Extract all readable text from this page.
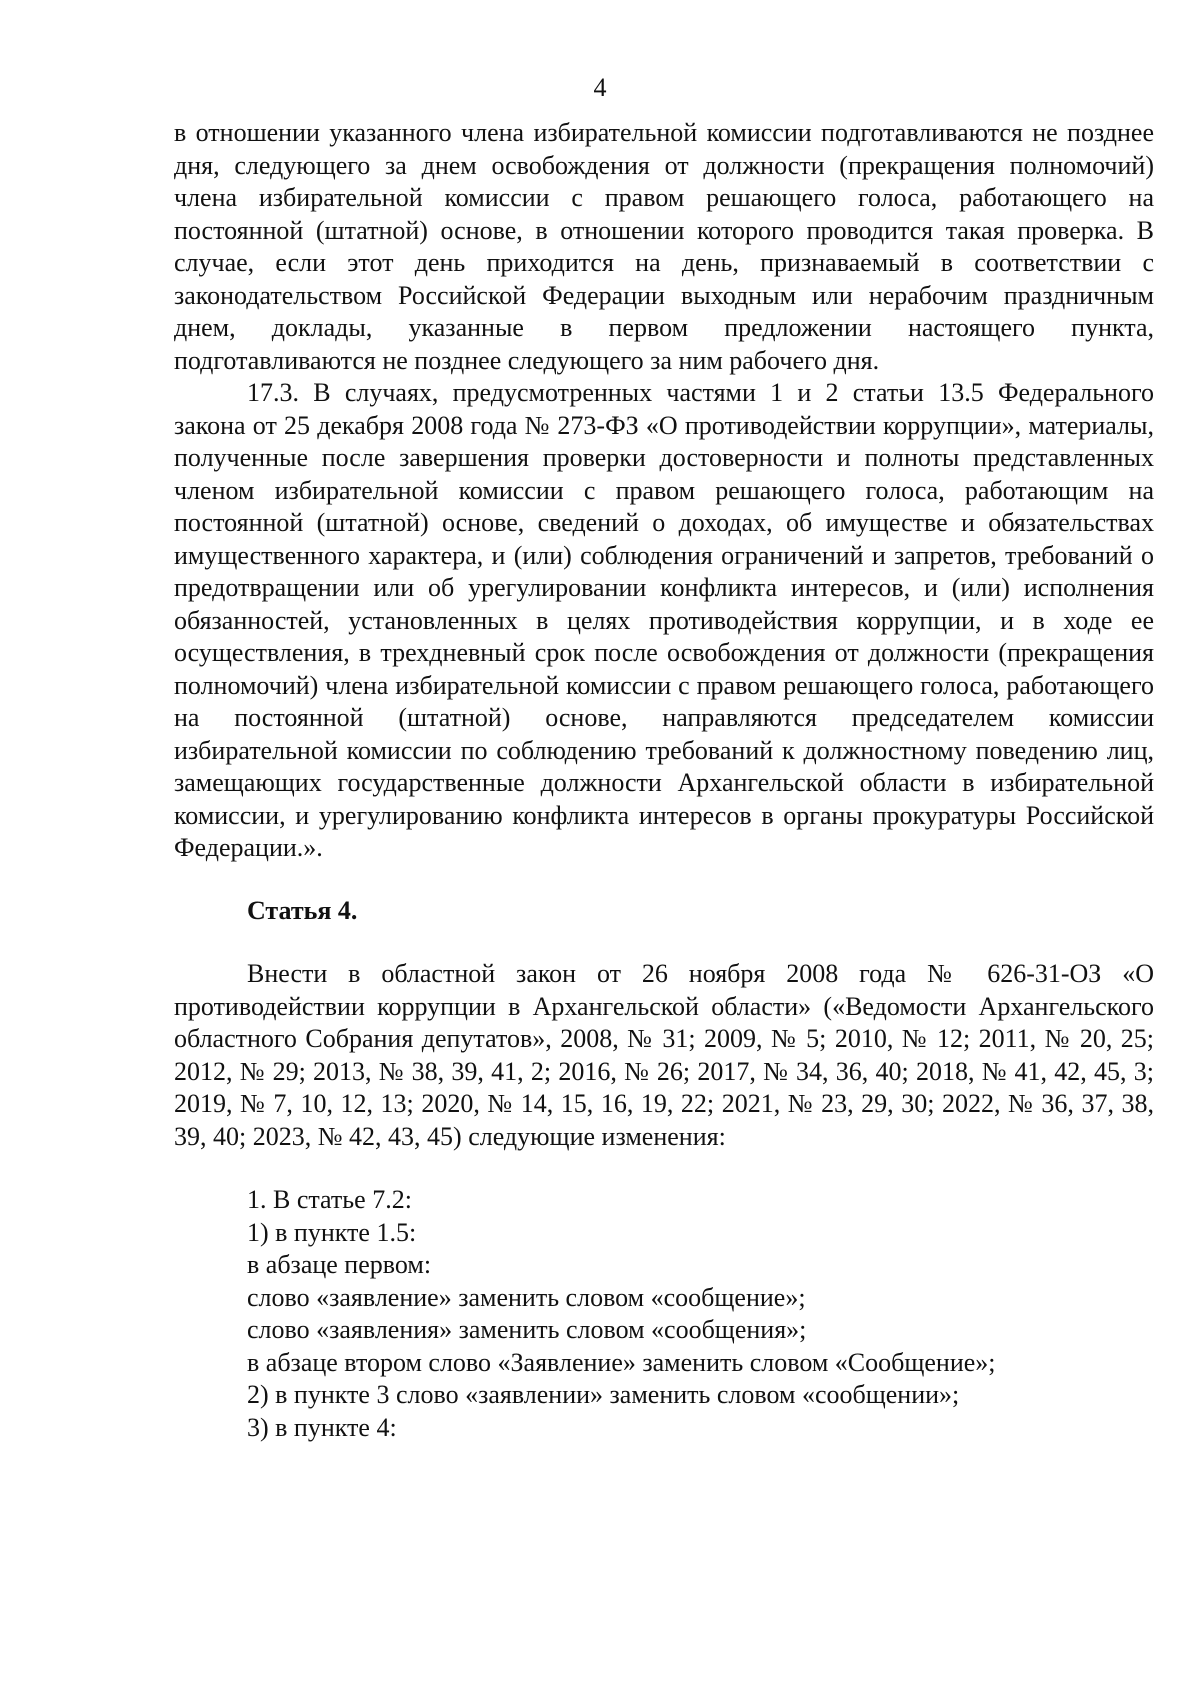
4

в отношении указанного члена избирательной комиссии подготавливаются не позднее дня, следующего за днем освобождения от должности (прекращения полномочий) члена избирательной комиссии с правом решающего голоса, работающего на постоянной (штатной) основе, в отношении которого проводится такая проверка. В случае, если этот день приходится на день, признаваемый в соответствии с законодательством Российской Федерации выходным или нерабочим праздничным днем, доклады, указанные в первом предложении настоящего пункта, подготавливаются не позднее следующего за ним рабочего дня.

17.3. В случаях, предусмотренных частями 1 и 2 статьи 13.5 Федерального закона от 25 декабря 2008 года № 273-ФЗ «О противодействии коррупции», материалы, полученные после завершения проверки достоверности и полноты представленных членом избирательной комиссии с правом решающего голоса, работающим на постоянной (штатной) основе, сведений о доходах, об имуществе и обязательствах имущественного характера, и (или) соблюдения ограничений и запретов, требований о предотвращении или об урегулировании конфликта интересов, и (или) исполнения обязанностей, установленных в целях противодействия коррупции, и в ходе ее осуществления, в трехдневный срок после освобождения от должности (прекращения полномочий) члена избирательной комиссии с правом решающего голоса, работающего на постоянной (штатной) основе, направляются председателем комиссии избирательной комиссии по соблюдению требований к должностному поведению лиц, замещающих государственные должности Архангельской области в избирательной комиссии, и урегулированию конфликта интересов в органы прокуратуры Российской Федерации.».

Статья 4.

Внести в областной закон от 26 ноября 2008 года № 626-31-ОЗ «О противодействии коррупции в Архангельской области» («Ведомости Архангельского областного Собрания депутатов», 2008, № 31; 2009, № 5; 2010, № 12; 2011, № 20, 25; 2012, № 29; 2013, № 38, 39, 41, 2; 2016, № 26; 2017, № 34, 36, 40; 2018, № 41, 42, 45, 3; 2019, № 7, 10, 12, 13; 2020, № 14, 15, 16, 19, 22; 2021, № 23, 29, 30; 2022, № 36, 37, 38, 39, 40; 2023, № 42, 43, 45) следующие изменения:

1. В статье 7.2:

1) в пункте 1.5:

в абзаце первом:

слово «заявление» заменить словом «сообщение»;

слово «заявления» заменить словом «сообщения»;

в абзаце втором слово «Заявление» заменить словом «Сообщение»;

2) в пункте 3 слово «заявлении» заменить словом «сообщении»;

3) в пункте 4:
